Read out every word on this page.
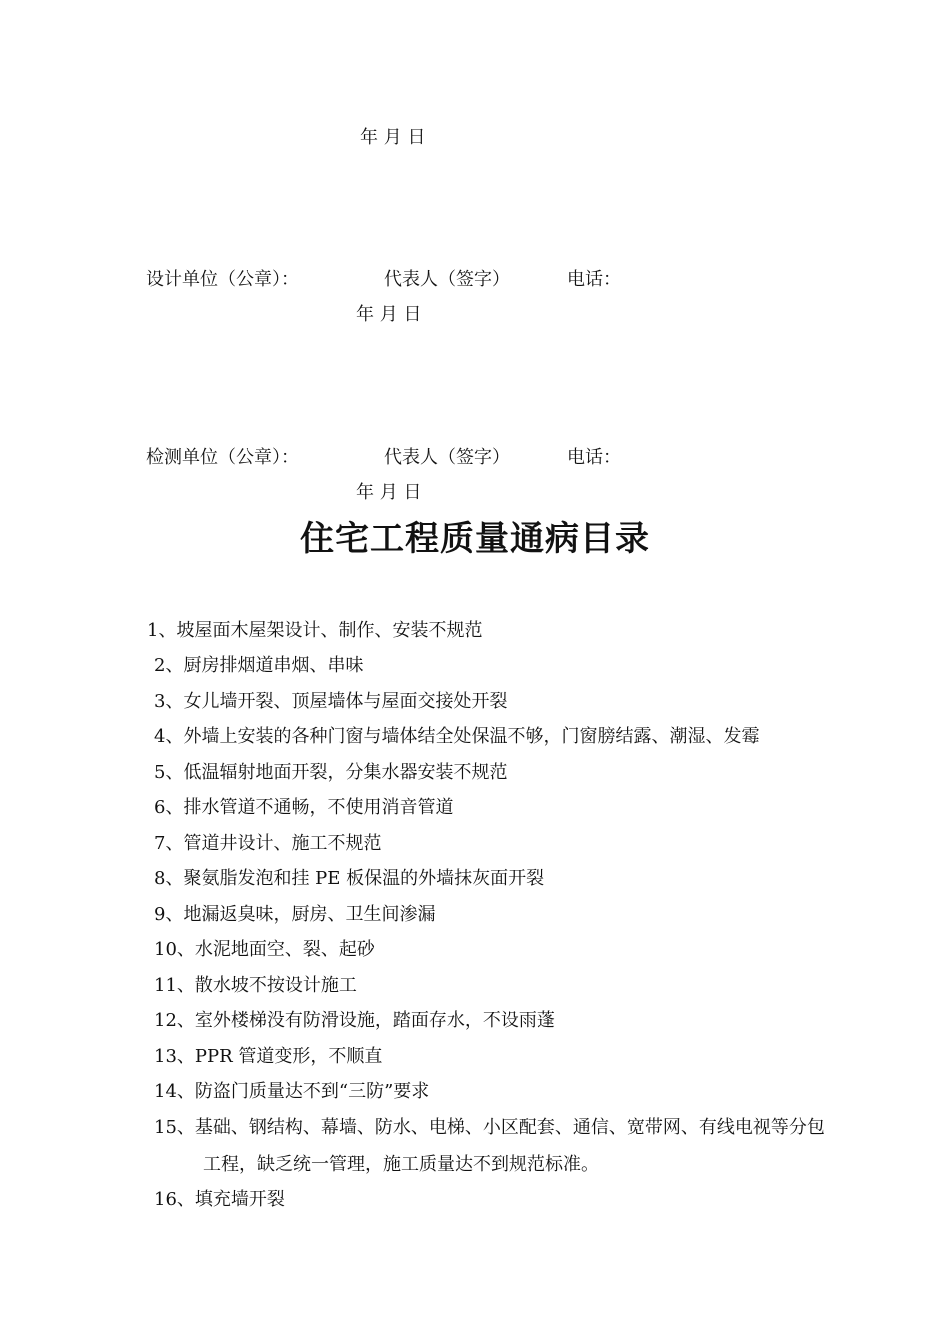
年 月 日
设计单位（公章）：	代表人（签字）	电话：
年 月 日
检测单位（公章）：	代表人（签字）	电话：
年 月 日
住宅工程质量通病目录
1、坡屋面木屋架设计、制作、安装不规范
2、厨房排烟道串烟、串味
3、女儿墙开裂、顶屋墙体与屋面交接处开裂
4、外墙上安装的各种门窗与墙体结全处保温不够，门窗膀结露、潮湿、发霉
5、低温辐射地面开裂，分集水器安装不规范
6、排水管道不通畅，不使用消音管道
7、管道井设计、施工不规范
8、聚氨脂发泡和挂 PE 板保温的外墙抹灰面开裂
9、地漏返臭味，厨房、卫生间渗漏
10、水泥地面空、裂、起砂
11、散水坡不按设计施工
12、室外楼梯没有防滑设施，踏面存水，不设雨蓬
13、PPR 管道变形，不顺直
14、防盗门质量达不到“三防”要求
15、基础、钢结构、幕墙、防水、电梯、小区配套、通信、宽带网、有线电视等分包
工程，缺乏统一管理，施工质量达不到规范标准。
16、填充墙开裂
